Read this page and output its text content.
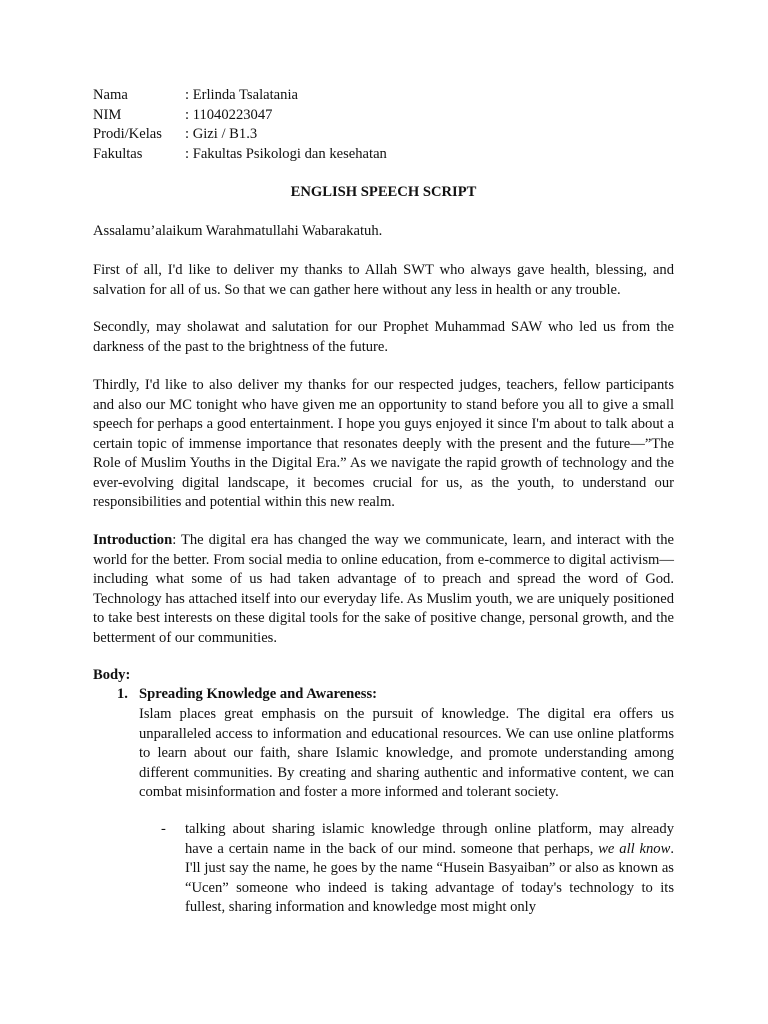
Nama	: Erlinda Tsalatania
NIM	: 11040223047
Prodi/Kelas	: Gizi / B1.3
Fakultas	: Fakultas Psikologi dan kesehatan
ENGLISH SPEECH SCRIPT

Assalamu’alaikum Warahmatullahi Wabarakatuh.

First of all, I'd like to deliver my thanks to Allah SWT who always gave health, blessing, and salvation for all of us. So that we can gather here without any less in health or any trouble.

Secondly, may sholawat and salutation for our Prophet Muhammad SAW who led us from the darkness of the past to the brightness of the future.

Thirdly, I'd like to also deliver my thanks for our respected judges, teachers, fellow participants and also our MC tonight who have given me an opportunity to stand before you all to give a small speech for perhaps a good entertainment. I hope you guys enjoyed it since I'm about to talk about a certain topic of immense importance that resonates deeply with the present and the future—”The Role of Muslim Youths in the Digital Era.” As we navigate the rapid growth of technology and the ever-evolving digital landscape, it becomes crucial for us, as the youth, to understand our responsibilities and potential within this new realm.

Introduction: The digital era has changed the way we communicate, learn, and interact with the world for the better. From social media to online education, from e-commerce to digital activism—including what some of us had taken advantage of to preach and spread the word of God. Technology has attached itself into our everyday life. As Muslim youth, we are uniquely positioned to take best interests on these digital tools for the sake of positive change, personal growth, and the betterment of our communities.

Body:
1. Spreading Knowledge and Awareness:

Islam places great emphasis on the pursuit of knowledge. The digital era offers us unparalleled access to information and educational resources. We can use online platforms to learn about our faith, share Islamic knowledge, and promote understanding among different communities. By creating and sharing authentic and informative content, we can combat misinformation and foster a more informed and tolerant society.

- talking about sharing islamic knowledge through online platform, may already have a certain name in the back of our mind. someone that perhaps, we all know. I'll just say the name, he goes by the name “Husein Basyaiban” or also as known as “Ucen” someone who indeed is taking advantage of today's technology to its fullest, sharing information and knowledge most might only
